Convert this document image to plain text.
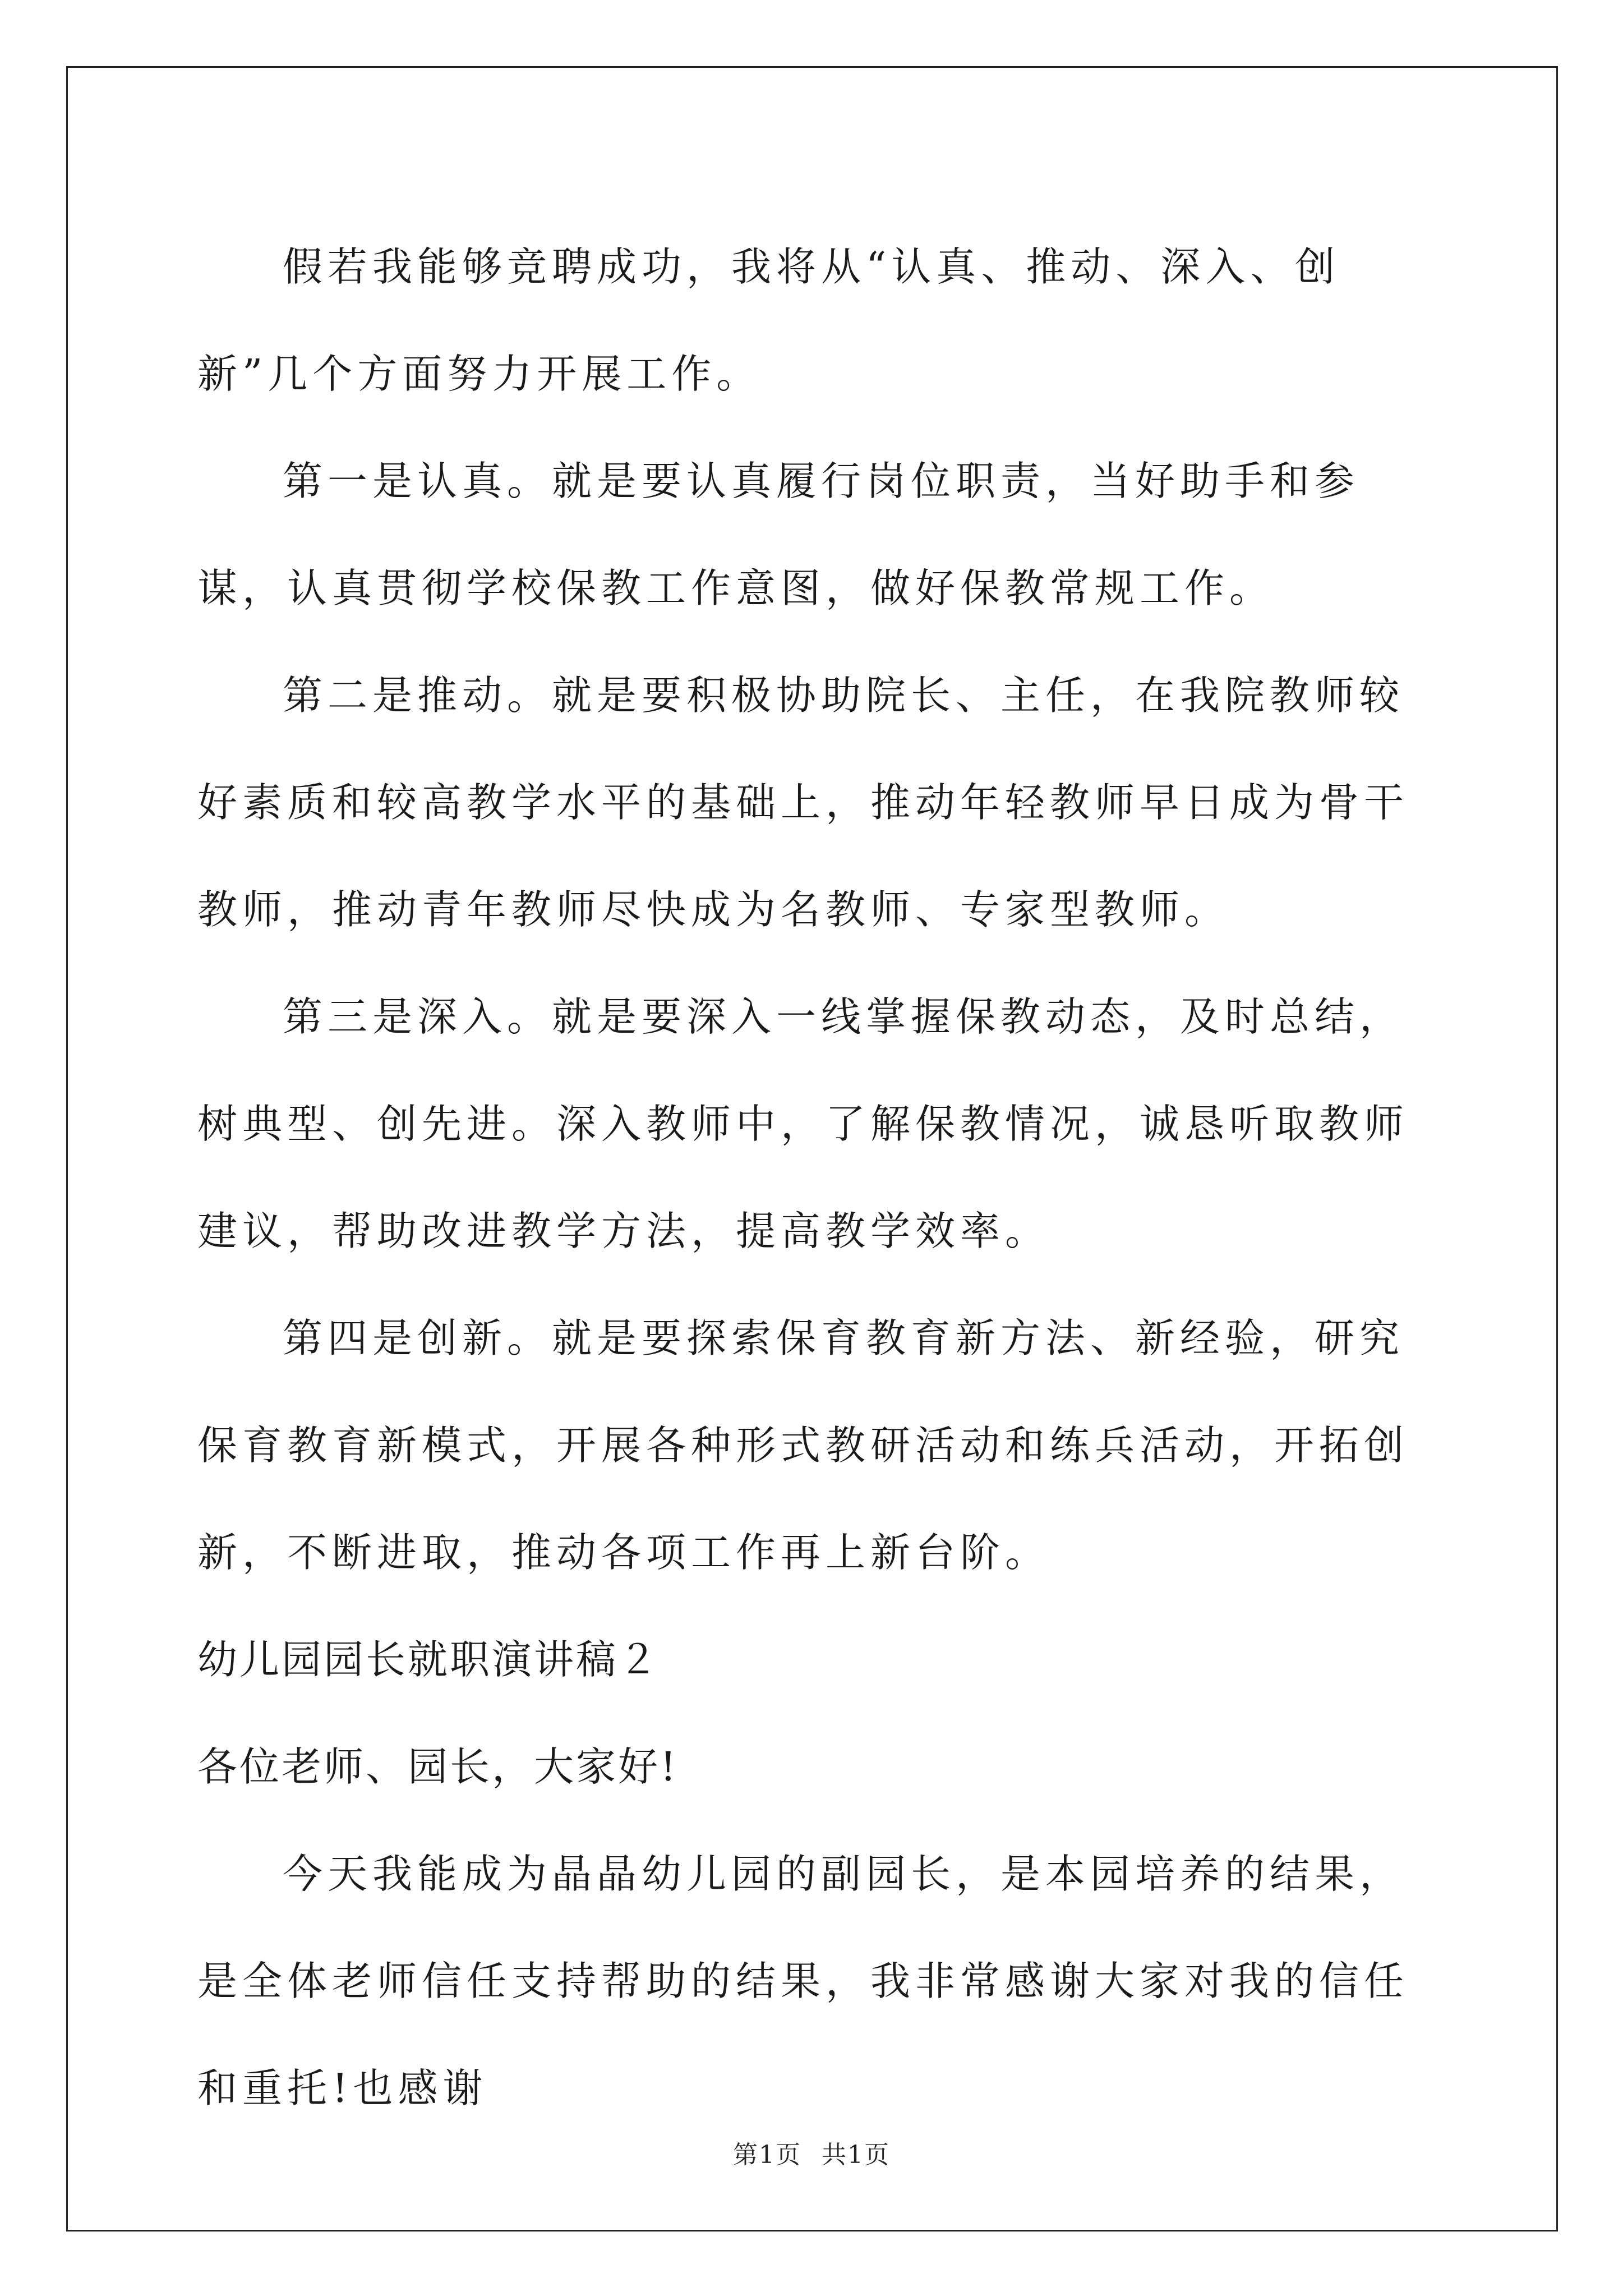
假若我能够竞聘成功，我将从“认真、推动、深入、创新”几个方面努力开展工作。

第一是认真。就是要认真履行岗位职责，当好助手和参谋，认真贯彻学校保教工作意图，做好保教常规工作。

第二是推动。就是要积极协助院长、主任，在我院教师较好素质和较高教学水平的基础上，推动年轻教师早日成为骨干教师，推动青年教师尽快成为名教师、专家型教师。

第三是深入。就是要深入一线掌握保教动态，及时总结，树典型、创先进。深入教师中，了解保教情况，诚恳听取教师建议，帮助改进教学方法，提高教学效率。

第四是创新。就是要探索保育教育新方法、新经验，研究保育教育新模式，开展各种形式教研活动和练兵活动，开拓创新，不断进取，推动各项工作再上新台阶。

幼儿园园长就职演讲稿２

各位老师、园长，大家好!

今天我能成为晶晶幼儿园的副园长，是本园培养的结果，是全体老师信任支持帮助的结果，我非常感谢大家对我的信任和重托!也感谢

第1页 共1页
